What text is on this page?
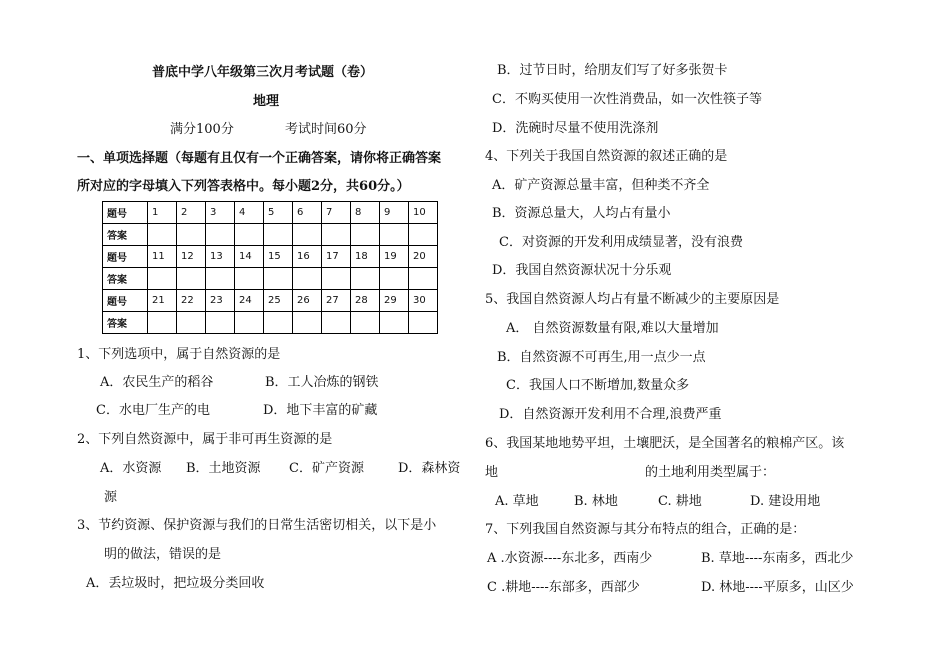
普底中学八年级第三次月考试题（卷）
地理
满分100分	考试时间60分
一、单项选择题（每题有且仅有一个正确答案，请你将正确答案
所对应的字母填入下列答表格中。每小题2分，共60分。）
题号	1	2	3	4	5	6	7	8	9	10
答案										
题号	11	12	13	14	15	16	17	18	19	20
答案										
题号	21	22	23	24	25	26	27	28	29	30
答案										
1、下列选项中，属于自然资源的是
A．农民生产的稻谷	B．工人冶炼的钢铁
C．水电厂生产的电	D．地下丰富的矿藏
2、下列自然资源中，属于非可再生资源的是
A．水资源 B．土地资源 C．矿产资源	D．森林资
源
3、节约资源、保护资源与我们的日常生活密切相关，以下是小
明的做法，错误的是
A．丢垃圾时，把垃圾分类回收
B．过节日时，给朋友们写了好多张贺卡
C．不购买使用一次性消费品，如一次性筷子等
D．洗碗时尽量不使用洗涤剂
4、下列关于我国自然资源的叙述正确的是
A．矿产资源总量丰富，但种类不齐全
B．资源总量大，人均占有量小
C．对资源的开发利用成绩显著，没有浪费
D．我国自然资源状况十分乐观
5、我国自然资源人均占有量不断减少的主要原因是
A． 自然资源数量有限,难以大量增加
B．自然资源不可再生,用一点少一点
C．我国人口不断增加,数量众多
D．自然资源开发利用不合理,浪费严重
6、我国某地地势平坦，土壤肥沃，是全国著名的粮棉产区。该
地	的土地利用类型属于：
A. 草地	B. 林地	C. 耕地	D. 建设用地
7、下列我国自然资源与其分布特点的组合，正确的是：
A .水资源----东北多，西南少	B. 草地----东南多，西北少
C .耕地----东部多，西部少	D. 林地----平原多，山区少
